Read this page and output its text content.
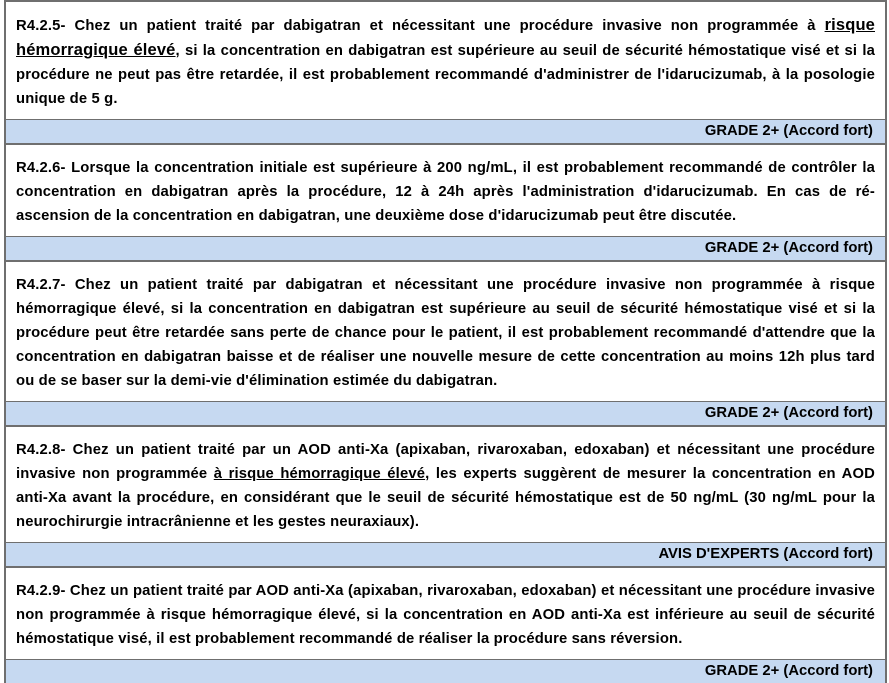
R4.2.5- Chez un patient traité par dabigatran et nécessitant une procédure invasive non programmée à risque hémorragique élevé, si la concentration en dabigatran est supérieure au seuil de sécurité hémostatique visé et si la procédure ne peut pas être retardée, il est probablement recommandé d'administrer de l'idarucizumab, à la posologie unique de 5 g.
GRADE 2+ (Accord fort)
R4.2.6- Lorsque la concentration initiale est supérieure à 200 ng/mL, il est probablement recommandé de contrôler la concentration en dabigatran après la procédure, 12 à 24h après l'administration d'idarucizumab. En cas de ré-ascension de la concentration en dabigatran, une deuxième dose d'idarucizumab peut être discutée.
GRADE 2+ (Accord fort)
R4.2.7- Chez un patient traité par dabigatran et nécessitant une procédure invasive non programmée à risque hémorragique élevé, si la concentration en dabigatran est supérieure au seuil de sécurité hémostatique visé et si la procédure peut être retardée sans perte de chance pour le patient, il est probablement recommandé d'attendre que la concentration en dabigatran baisse et de réaliser une nouvelle mesure de cette concentration au moins 12h plus tard ou de se baser sur la demi-vie d'élimination estimée du dabigatran.
GRADE 2+ (Accord fort)
R4.2.8- Chez un patient traité par un AOD anti-Xa (apixaban, rivaroxaban, edoxaban) et nécessitant une procédure invasive non programmée à risque hémorragique élevé, les experts suggèrent de mesurer la concentration en AOD anti-Xa avant la procédure, en considérant que le seuil de sécurité hémostatique est de 50 ng/mL (30 ng/mL pour la neurochirurgie intracrânienne et les gestes neuraxiaux).
AVIS D'EXPERTS (Accord fort)
R4.2.9- Chez un patient traité par AOD anti-Xa (apixaban, rivaroxaban, edoxaban) et nécessitant une procédure invasive non programmée à risque hémorragique élevé, si la concentration en AOD anti-Xa est inférieure au seuil de sécurité hémostatique visé, il est probablement recommandé de réaliser la procédure sans réversion.
GRADE 2+ (Accord fort)
